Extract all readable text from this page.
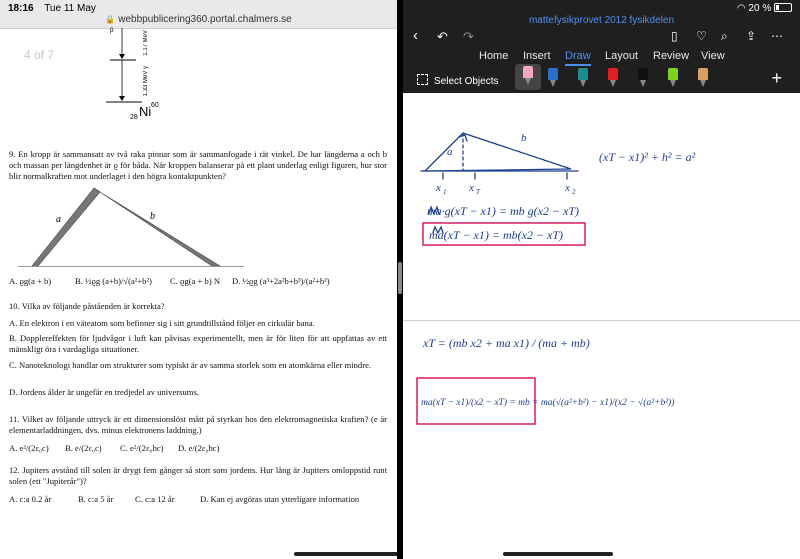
18:16 Tue 11 May
🔒 webbpublicering360.portal.chalmers.se
4 of 7	1.17 MeV
1.33 MeV γ
β
Ni 60
28
9. En kropp är sammansatt av två raka pinnar som är sammanfogade i rät vinkel. De har längderna a och b och massan per längdenhet är ϱ för båda. När kroppen balanserar på ett plant underlag enligt figuren, hur stor blir normalkraften mot underlaget i den högra kontaktpunkten?
a	b
A. ϱg(a + b)	B. ½ϱg (a+b)/√(a²+b²) C. ϱg(a + b) N D. ½ϱg (a³+2a²b+b³)/(a²+b²)
10. Vilka av följande påståenden är korrekta?
A. En elektron i en väteatom som befinner sig i sitt grundtillstånd följer en cirkulär bana.
B. Dopplereffekten för ljudvågor i luft kan påvisas experimentellt, men är för liten för att uppfattas av ett mänskligt öra i vardagliga situationer.
C. Nanoteknologi handlar om strukturer som typiskt är av samma storlek som en atomkärna eller mindre.
D. Jordens ålder är ungefär en tredjedel av universums.
11. Vilket av följande uttryck är ett dimensionslöst mått på styrkan hos den elektromagnetiska kraften? (e är elementarladdningen, dvs. minus elektronens laddning.)
A. e²/(2ε₀c) B. e/(2ε₀c) C. e²/(2ε₀hc) D. e/(2ε₀hc)
12. Jupiters avstånd till solen är drygt fem gånger så stort som jordens. Hur lång är Jupiters omloppstid runt solen (ett "Jupiterår")?
A. c:a 0.2 år	B. c:a 5 år	C. c:a 12 år	D. Kan ej avgöras utan ytterligare information
◠ 20 %
mattefysikprovet 2012 fysikdelen
‹ ↶ ↷	▯ ♡ ⌕ ⇪ ⋯
Home Insert Draw Layout Review View
Select Objects	+
a
b
x 1 x T	x 2
(xT − x1)² + h² = a²
ma·g(xT − x1) = mb g(x2 − xT)
ma(xT − x1) = mb(x2 − xT)
xT = (mb x2 + ma x1) / (ma + mb)
ma(xT − x1)/(x2 − xT) = mb = ma(√(a²+b²) − x1)/(x2 − √(a²+b²))
